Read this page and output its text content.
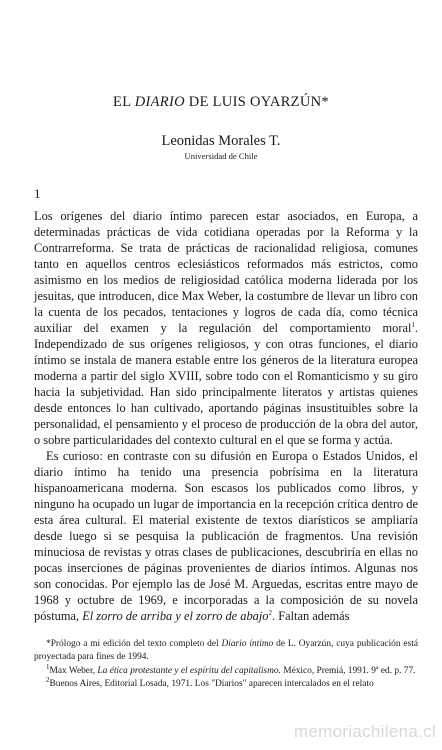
EL DIARIO DE LUIS OYARZÚN*
Leonidas Morales T.
Universidad de Chile
1

Los orígenes del diario íntimo parecen estar asociados, en Europa, a determinadas prácticas de vida cotidiana operadas por la Reforma y la Contrarreforma. Se trata de prácticas de racionalidad religiosa, comunes tanto en aquellos centros eclesiásticos reformados más estrictos, como asimismo en los medios de religiosidad católica moderna liderada por los jesuitas, que introducen, dice Max Weber, la costumbre de llevar un libro con la cuenta de los pecados, tentaciones y logros de cada día, como técnica auxiliar del examen y la regulación del comportamiento moral$^1$. Independizado de sus orígenes religiosos, y con otras funciones, el diario íntimo se instala de manera estable entre los géneros de la literatura europea moderna a partir del siglo XVIII, sobre todo con el Romanticismo y su giro hacia la subjetividad. Han sido principalmente literatos y artistas quienes desde entonces lo han cultivado, aportando páginas insustituibles sobre la personalidad, el pensamiento y el proceso de producción de la obra del autor, o sobre particularidades del contexto cultural en el que se forma y actúa.

Es curioso: en contraste con su difusión en Europa o Estados Unidos, el diario íntimo ha tenido una presencia pobrísima en la literatura hispanoamericana moderna. Son escasos los publicados como libros, y ninguno ha ocupado un lugar de importancia en la recepción crítica dentro de esta área cultural. El material existente de textos diarísticos se ampliaría desde luego si se pesquisa la publicación de fragmentos. Una revisión minuciosa de revistas y otras clases de publicaciones, descubriría en ellas no pocas inserciones de páginas provenientes de diarios íntimos. Algunas nos son conocidas. Por ejemplo las de José M. Arguedas, escritas entre mayo de 1968 y octubre de 1969, e incorporadas a la composición de su novela póstuma, El zorro de arriba y el zorro de abajo$^2$. Faltan además

*Prólogo a mi edición del texto completo del Diario íntimo de L. Oyarzún, cuya publicación está proyectada para fines de 1994.

$^1$Max Weber, La ética protestante y el espíritu del capitalismo. México, Premiá, 1991. 9ª ed. p. 77.

$^2$Buenos Aires, Editorial Losada, 1971. Los "Diarios" aparecen intercalados en el relato

memoriachilena.cl
